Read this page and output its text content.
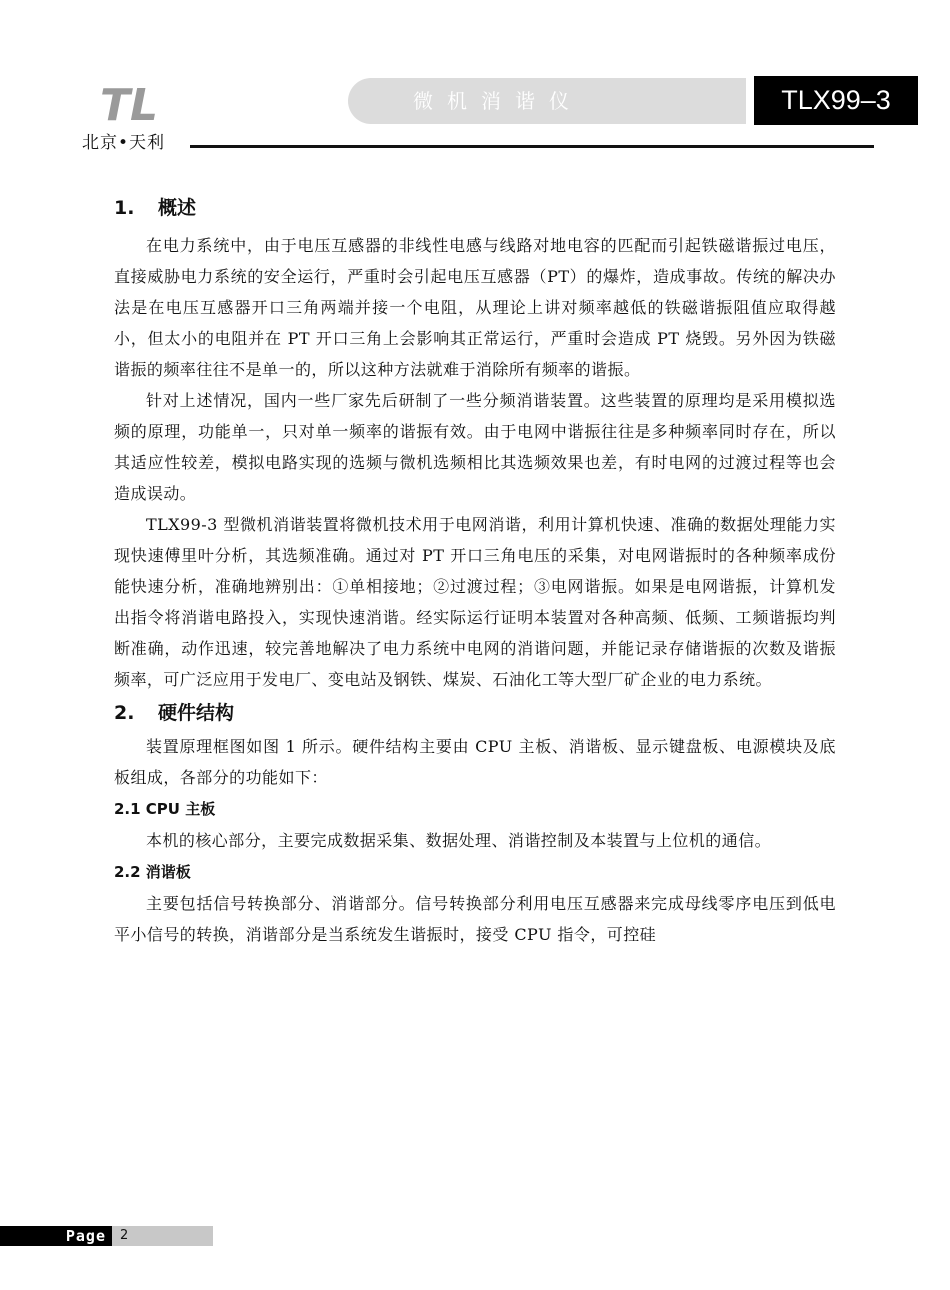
TL
北京•天利
微机消谐仪	TLX99–3
1. 概述

在电力系统中，由于电压互感器的非线性电感与线路对地电容的匹配而引起铁磁谐振过电压，直接威胁电力系统的安全运行，严重时会引起电压互感器（PT）的爆炸，造成事故。传统的解决办法是在电压互感器开口三角两端并接一个电阻，从理论上讲对频率越低的铁磁谐振阻值应取得越小，但太小的电阻并在 PT 开口三角上会影响其正常运行，严重时会造成 PT 烧毁。另外因为铁磁谐振的频率往往不是单一的，所以这种方法就难于消除所有频率的谐振。

针对上述情况，国内一些厂家先后研制了一些分频消谐装置。这些装置的原理均是采用模拟选频的原理，功能单一，只对单一频率的谐振有效。由于电网中谐振往往是多种频率同时存在，所以其适应性较差，模拟电路实现的选频与微机选频相比其选频效果也差，有时电网的过渡过程等也会造成误动。

TLX99-3 型微机消谐装置将微机技术用于电网消谐，利用计算机快速、准确的数据处理能力实现快速傅里叶分析，其选频准确。通过对 PT 开口三角电压的采集，对电网谐振时的各种频率成份能快速分析，准确地辨别出：①单相接地；②过渡过程；③电网谐振。如果是电网谐振，计算机发出指令将消谐电路投入，实现快速消谐。经实际运行证明本装置对各种高频、低频、工频谐振均判断准确，动作迅速，较完善地解决了电力系统中电网的消谐问题，并能记录存储谐振的次数及谐振频率，可广泛应用于发电厂、变电站及钢铁、煤炭、石油化工等大型厂矿企业的电力系统。

2. 硬件结构

装置原理框图如图 1 所示。硬件结构主要由 CPU 主板、消谐板、显示键盘板、电源模块及底板组成，各部分的功能如下：

2.1 CPU 主板

本机的核心部分，主要完成数据采集、数据处理、消谐控制及本装置与上位机的通信。

2.2 消谐板

主要包括信号转换部分、消谐部分。信号转换部分利用电压互感器来完成母线零序电压到低电平小信号的转换，消谐部分是当系统发生谐振时，接受 CPU 指令，可控硅

Page	2
